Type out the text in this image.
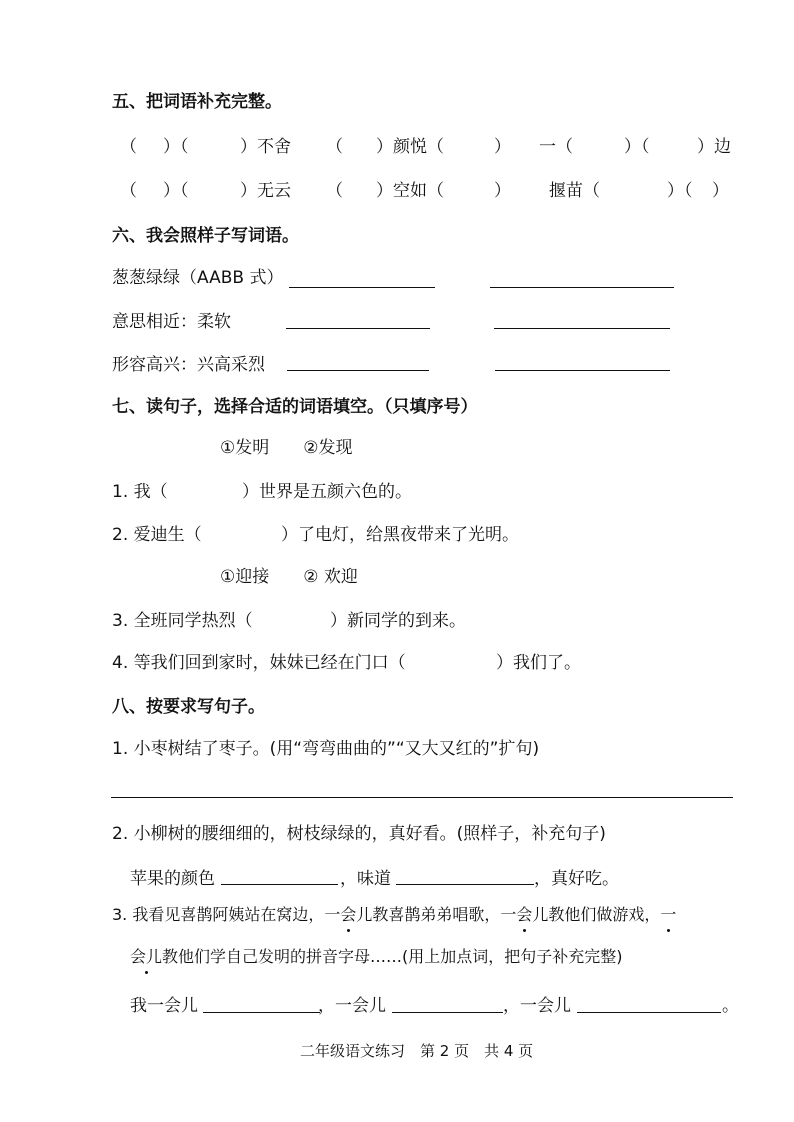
五、把词语补充完整。
（ ）（	）不舍 （ ）颜悦（	） 一（	）（	）边
（ ）（	）无云 （ ）空如（	） 揠苗（	）（ ）
六、我会照样子写词语。
葱葱绿绿（AABB 式）
意思相近：柔软
形容高兴：兴高采烈
七、读句子，选择合适的词语填空。（只填序号）
①发明　　②发现
1. 我（	）世界是五颜六色的。
2. 爱迪生（	）了电灯，给黑夜带来了光明。
①迎接　　② 欢迎
3. 全班同学热烈（	）新同学的到来。
4. 等我们回到家时，妹妹已经在门口（	）我们了。
八、按要求写句子。
1. 小枣树结了枣子。(用“弯弯曲曲的”“又大又红的”扩句)
2. 小柳树的腰细细的，树枝绿绿的，真好看。(照样子，补充句子)
苹果的颜色	，味道	，真好吃。
3. 我看见喜鹊阿姨站在窝边，一会儿教喜鹊弟弟唱歌，一会儿教他们做游戏，一
会儿教他们学自己发明的拼音字母……(用上加点词，把句子补充完整)
我一会儿	，一会儿	，一会儿	。
二年级语文练习　第 2 页　共 4 页
